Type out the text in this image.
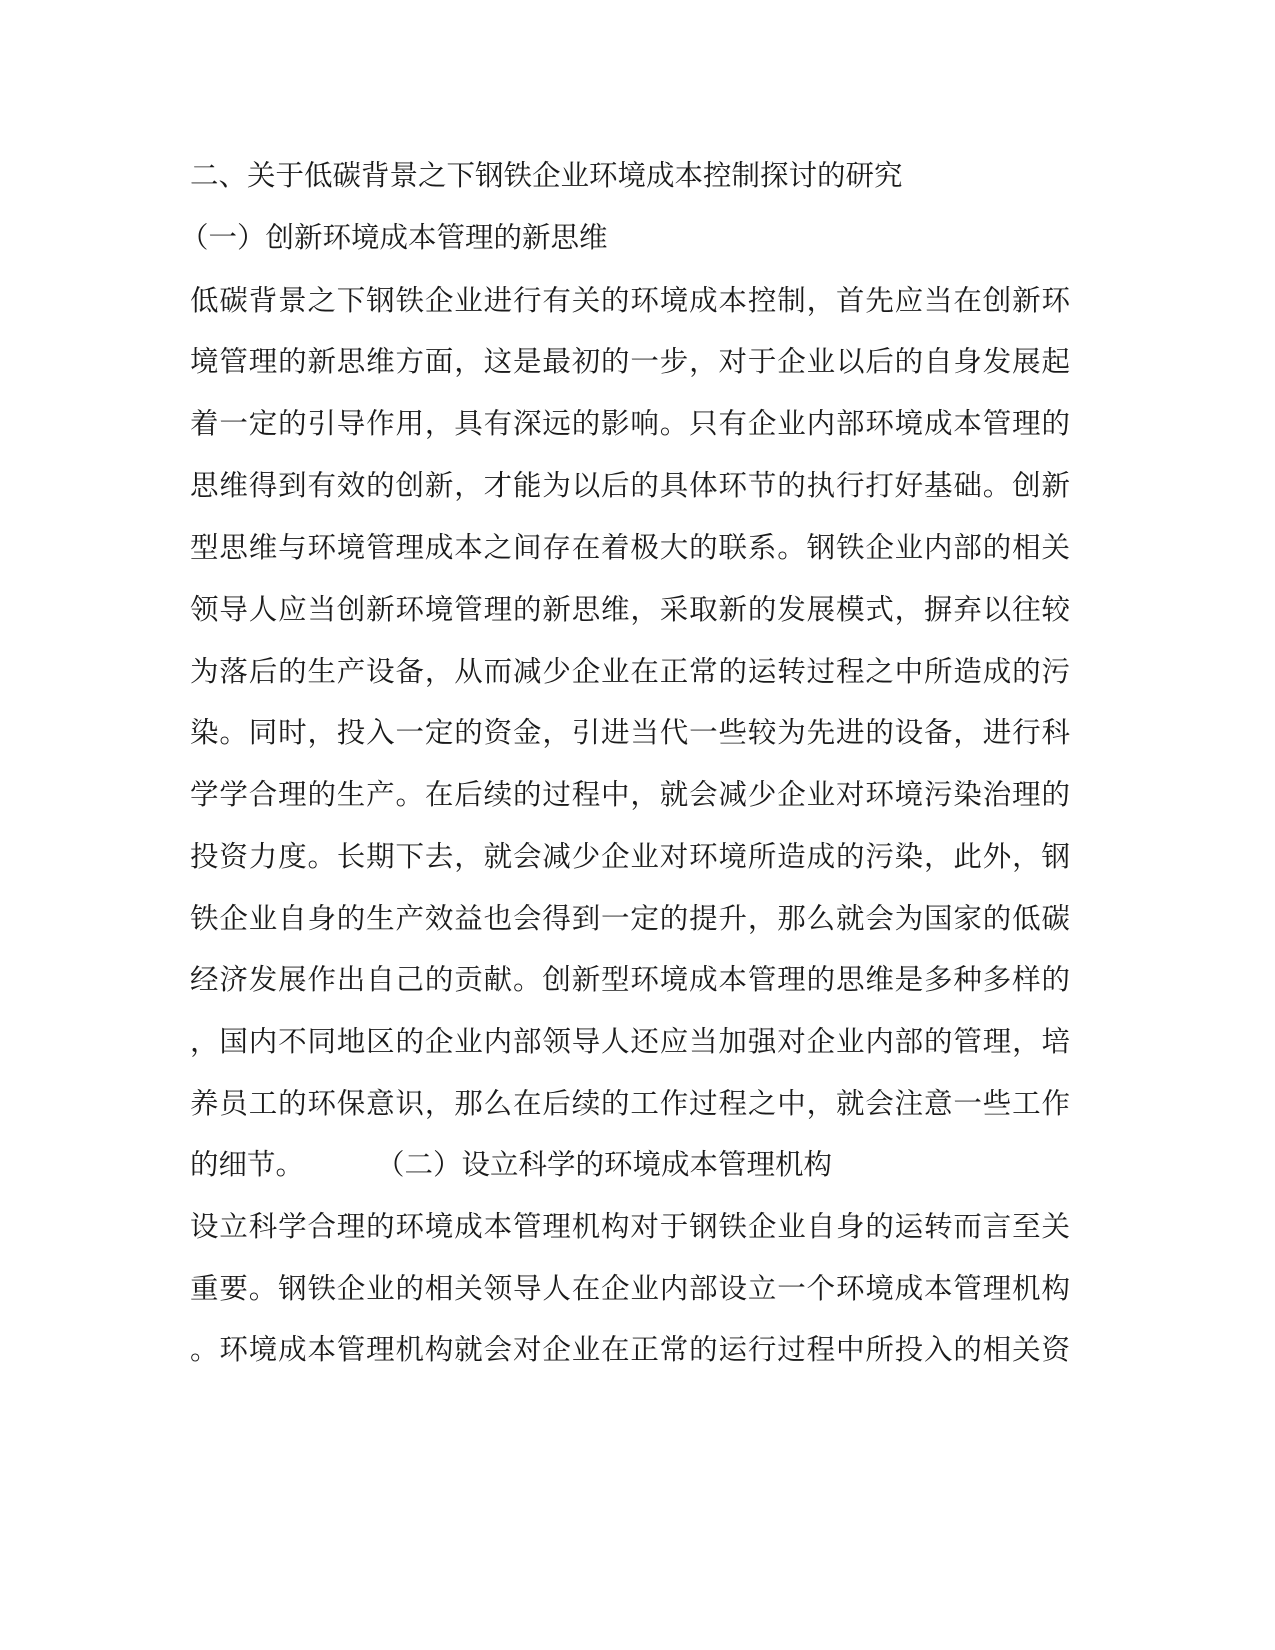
二、关于低碳背景之下钢铁企业环境成本控制探讨的研究
（一）创新环境成本管理的新思维
低碳背景之下钢铁企业进行有关的环境成本控制，首先应当在创新环
境管理的新思维方面，这是最初的一步，对于企业以后的自身发展起
着一定的引导作用，具有深远的影响。只有企业内部环境成本管理的
思维得到有效的创新，才能为以后的具体环节的执行打好基础。创新
型思维与环境管理成本之间存在着极大的联系。钢铁企业内部的相关
领导人应当创新环境管理的新思维，采取新的发展模式，摒弃以往较
为落后的生产设备，从而减少企业在正常的运转过程之中所造成的污
染。同时，投入一定的资金，引进当代一些较为先进的设备，进行科
学学合理的生产。在后续的过程中，就会减少企业对环境污染治理的
投资力度。长期下去，就会减少企业对环境所造成的污染，此外，钢
铁企业自身的生产效益也会得到一定的提升，那么就会为国家的低碳
经济发展作出自己的贡献。创新型环境成本管理的思维是多种多样的
，国内不同地区的企业内部领导人还应当加强对企业内部的管理，培
养员工的环保意识，那么在后续的工作过程之中，就会注意一些工作
的细节。	（二）设立科学的环境成本管理机构
设立科学合理的环境成本管理机构对于钢铁企业自身的运转而言至关
重要。钢铁企业的相关领导人在企业内部设立一个环境成本管理机构
。环境成本管理机构就会对企业在正常的运行过程中所投入的相关资
